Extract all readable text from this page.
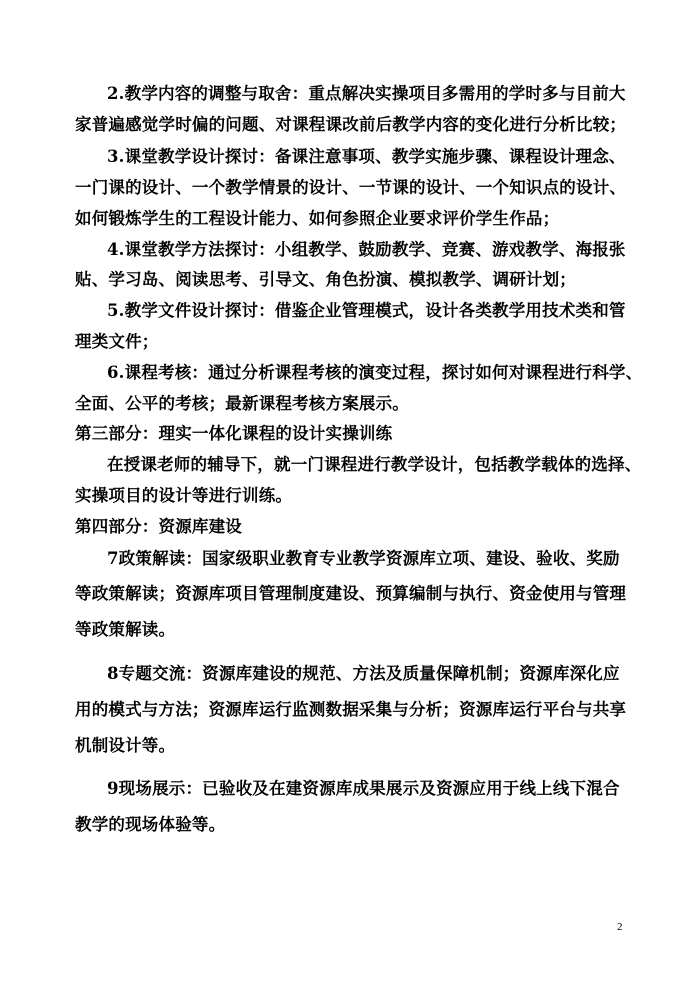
2.教学内容的调整与取舍：重点解决实操项目多需用的学时多与目前大
家普遍感觉学时偏的问题、对课程课改前后教学内容的变化进行分析比较；
3.课堂教学设计探讨：备课注意事项、教学实施步骤、课程设计理念、
一门课的设计、一个教学情景的设计、一节课的设计、一个知识点的设计、
如何锻炼学生的工程设计能力、如何参照企业要求评价学生作品；
4.课堂教学方法探讨：小组教学、鼓励教学、竞赛、游戏教学、海报张
贴、学习岛、阅读思考、引导文、角色扮演、模拟教学、调研计划；
5.教学文件设计探讨：借鉴企业管理模式，设计各类教学用技术类和管
理类文件；
6.课程考核：通过分析课程考核的演变过程，探讨如何对课程进行科学、
全面、公平的考核；最新课程考核方案展示。
第三部分：理实一体化课程的设计实操训练
在授课老师的辅导下，就一门课程进行教学设计，包括教学载体的选择、
实操项目的设计等进行训练。
第四部分：资源库建设
7政策解读：国家级职业教育专业教学资源库立项、建设、验收、奖励
等政策解读；资源库项目管理制度建设、预算编制与执行、资金使用与管理
等政策解读。
8专题交流：资源库建设的规范、方法及质量保障机制；资源库深化应
用的模式与方法；资源库运行监测数据采集与分析；资源库运行平台与共享
机制设计等。
9现场展示：已验收及在建资源库成果展示及资源应用于线上线下混合
教学的现场体验等。
2
